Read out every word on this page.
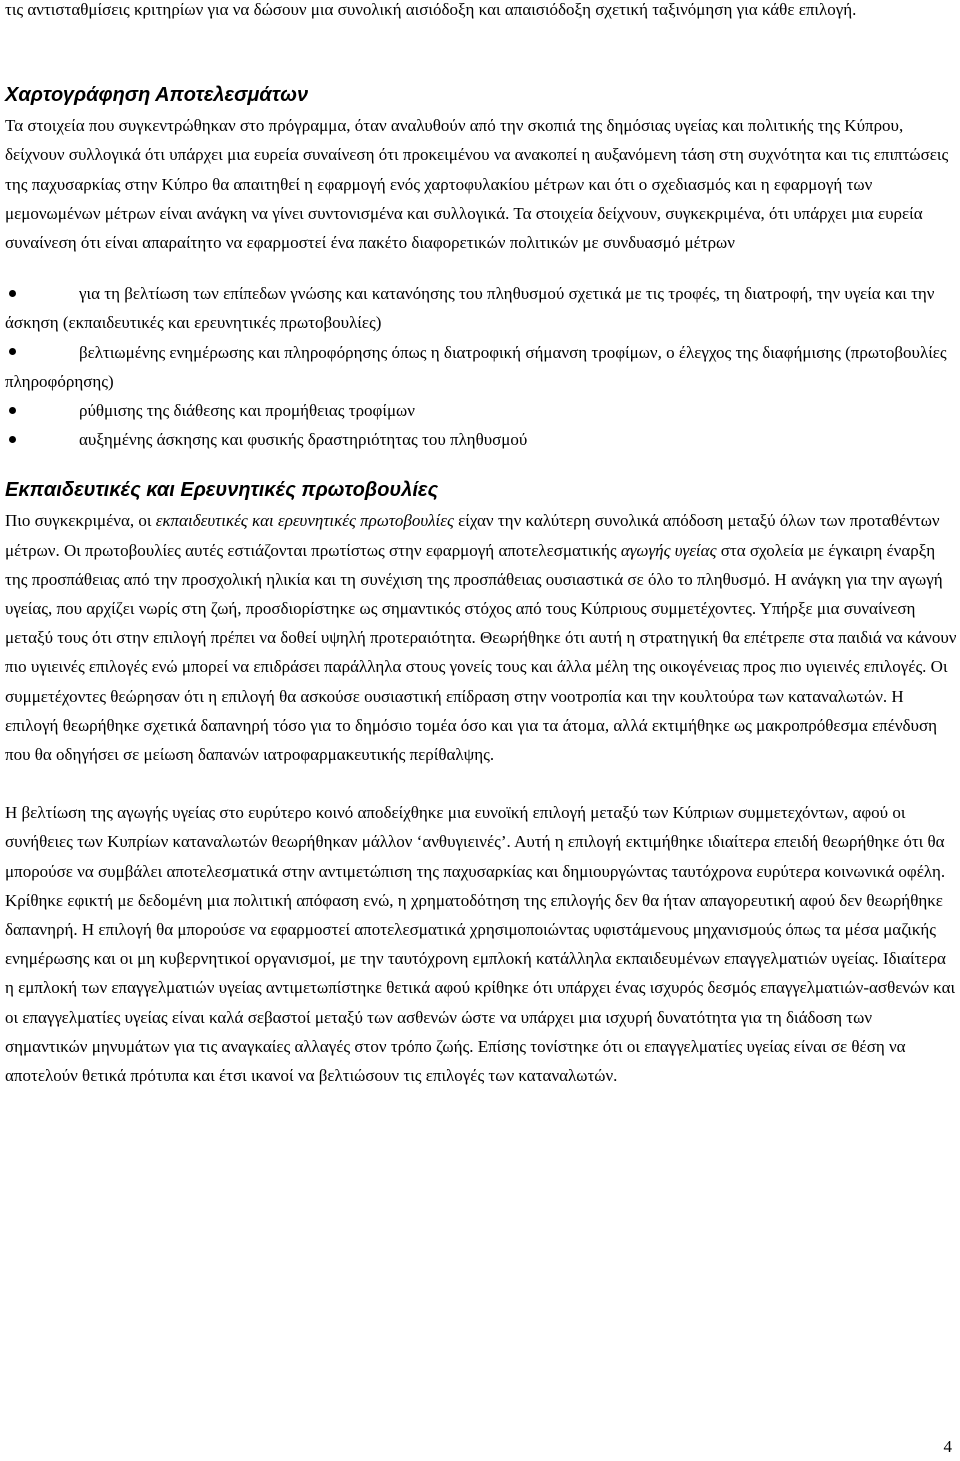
τις αντισταθμίσεις κριτηρίων για να δώσουν μια συνολική αισιόδοξη και απαισιόδοξη σχετική ταξινόμηση για κάθε επιλογή.

Χαρτογράφηση Αποτελεσμάτων

Τα στοιχεία που συγκεντρώθηκαν στο πρόγραμμα, όταν αναλυθούν από την σκοπιά της δημόσιας υγείας και πολιτικής της Κύπρου, δείχνουν συλλογικά ότι υπάρχει μια ευρεία συναίνεση ότι προκειμένου να ανακοπεί η αυξανόμενη τάση στη συχνότητα και τις επιπτώσεις της παχυσαρκίας στην Κύπρο θα απαιτηθεί η εφαρμογή ενός χαρτοφυλακίου μέτρων και ότι ο σχεδιασμός και η εφαρμογή των μεμονωμένων μέτρων είναι ανάγκη να γίνει συντονισμένα και συλλογικά. Τα στοιχεία δείχνουν, συγκεκριμένα, ότι υπάρχει μια ευρεία συναίνεση ότι είναι απαραίτητο να εφαρμοστεί ένα πακέτο διαφορετικών πολιτικών με συνδυασμό μέτρων

για τη βελτίωση των επίπεδων γνώσης και κατανόησης του πληθυσμού σχετικά με τις τροφές, τη διατροφή, την υγεία και την άσκηση (εκπαιδευτικές και ερευνητικές πρωτοβουλίες)
βελτιωμένης ενημέρωσης και πληροφόρησης όπως η διατροφική σήμανση τροφίμων, ο έλεγχος της διαφήμισης (πρωτοβουλίες πληροφόρησης)
ρύθμισης της διάθεσης και προμήθειας τροφίμων
αυξημένης άσκησης και φυσικής δραστηριότητας του πληθυσμού
Εκπαιδευτικές και Ερευνητικές πρωτοβουλίες

Πιο συγκεκριμένα, οι εκπαιδευτικές και ερευνητικές πρωτοβουλίες είχαν την καλύτερη συνολικά απόδοση μεταξύ όλων των προταθέντων μέτρων. Οι πρωτοβουλίες αυτές εστιάζονται πρωτίστως στην εφαρμογή αποτελεσματικής αγωγής υγείας στα σχολεία με έγκαιρη έναρξη της προσπάθειας από την προσχολική ηλικία και τη συνέχιση της προσπάθειας ουσιαστικά σε όλο το πληθυσμό. Η ανάγκη για την αγωγή υγείας, που αρχίζει νωρίς στη ζωή, προσδιορίστηκε ως σημαντικός στόχος από τους Κύπριους συμμετέχοντες. Υπήρξε μια συναίνεση μεταξύ τους ότι στην επιλογή πρέπει να δοθεί υψηλή προτεραιότητα. Θεωρήθηκε ότι αυτή η στρατηγική θα επέτρεπε στα παιδιά να κάνουν πιο υγιεινές επιλογές ενώ μπορεί να επιδράσει παράλληλα στους γονείς τους και άλλα μέλη της οικογένειας προς πιο υγιεινές επιλογές. Οι συμμετέχοντες θεώρησαν ότι η επιλογή θα ασκούσε ουσιαστική επίδραση στην νοοτροπία και την κουλτούρα των καταναλωτών. Η επιλογή θεωρήθηκε σχετικά δαπανηρή τόσο για το δημόσιο τομέα όσο και για τα άτομα, αλλά εκτιμήθηκε ως μακροπρόθεσμα επένδυση που θα οδηγήσει σε μείωση δαπανών ιατροφαρμακευτικής περίθαλψης.

Η βελτίωση της αγωγής υγείας στο ευρύτερο κοινό αποδείχθηκε μια ευνοϊκή επιλογή μεταξύ των Κύπριων συμμετεχόντων, αφού οι συνήθειες των Κυπρίων καταναλωτών θεωρήθηκαν μάλλον ‘ανθυγιεινές’. Αυτή η επιλογή εκτιμήθηκε ιδιαίτερα επειδή θεωρήθηκε ότι θα μπορούσε να συμβάλει αποτελεσματικά στην αντιμετώπιση της παχυσαρκίας και δημιουργώντας ταυτόχρονα ευρύτερα κοινωνικά οφέλη. Κρίθηκε εφικτή με δεδομένη μια πολιτική απόφαση ενώ, η χρηματοδότηση της επιλογής δεν θα ήταν απαγορευτική αφού δεν θεωρήθηκε δαπανηρή. Η επιλογή θα μπορούσε να εφαρμοστεί αποτελεσματικά χρησιμοποιώντας υφιστάμενους μηχανισμούς όπως τα μέσα μαζικής ενημέρωσης και οι μη κυβερνητικοί οργανισμοί, με την ταυτόχρονη εμπλοκή κατάλληλα εκπαιδευμένων επαγγελματιών υγείας. Ιδιαίτερα η εμπλοκή των επαγγελματιών υγείας αντιμετωπίστηκε θετικά αφού κρίθηκε ότι υπάρχει ένας ισχυρός δεσμός επαγγελματιών-ασθενών και οι επαγγελματίες υγείας είναι καλά σεβαστοί μεταξύ των ασθενών ώστε να υπάρχει μια ισχυρή δυνατότητα για τη διάδοση των σημαντικών μηνυμάτων για τις αναγκαίες αλλαγές στον τρόπο ζωής. Επίσης τονίστηκε ότι οι επαγγελματίες υγείας είναι σε θέση να αποτελούν θετικά πρότυπα και έτσι ικανοί να βελτιώσουν τις επιλογές των καταναλωτών.

4
